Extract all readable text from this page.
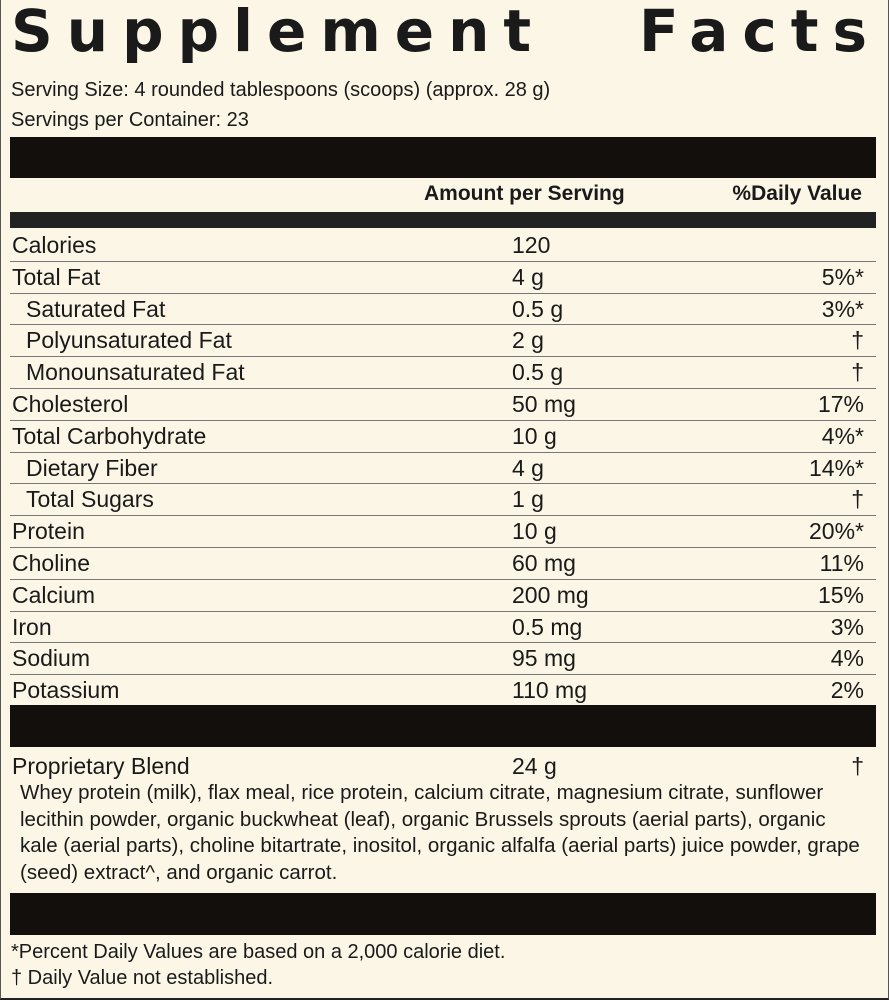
Supplement Facts
Serving Size: 4 rounded tablespoons (scoops) (approx. 28 g)
Servings per Container: 23
Amount per Serving	%Daily Value
Calories	120
Total Fat	4 g	5%*
Saturated Fat	0.5 g	3%*
Polyunsaturated Fat	2 g	†
Monounsaturated Fat	0.5 g	†
Cholesterol	50 mg	17%
Total Carbohydrate	10 g	4%*
Dietary Fiber	4 g	14%*
Total Sugars	1 g	†
Protein	10 g	20%*
Choline	60 mg	11%
Calcium	200 mg	15%
Iron	0.5 mg	3%
Sodium	95 mg	4%
Potassium	110 mg	2%
Proprietary Blend	24 g	†
Whey protein (milk), flax meal, rice protein, calcium citrate, magnesium citrate, sunflower lecithin powder, organic buckwheat (leaf), organic Brussels sprouts (aerial parts), organic kale (aerial parts), choline bitartrate, inositol, organic alfalfa (aerial parts) juice powder, grape (seed) extract^, and organic carrot.
*Percent Daily Values are based on a 2,000 calorie diet.
† Daily Value not established.
